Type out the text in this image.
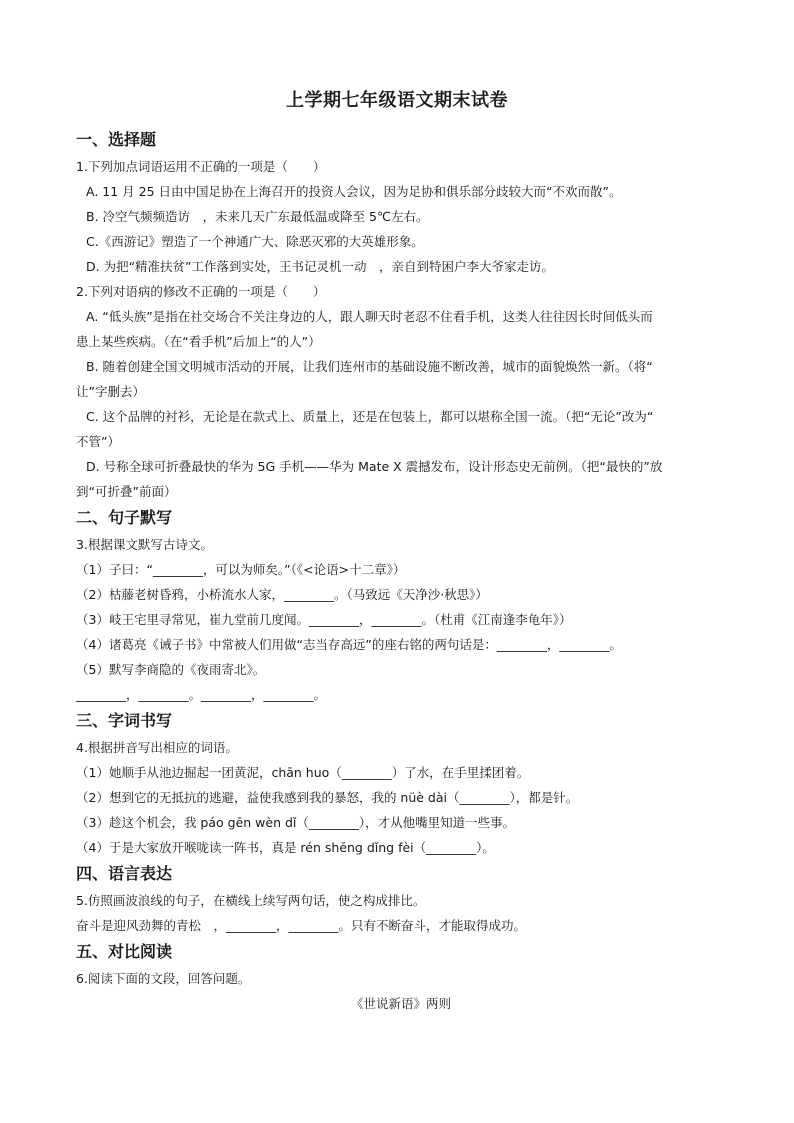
上学期七年级语文期末试卷

一、选择题

1.下列加点词语运用不正确的一项是（　　）

A. 11 月 25 日由中国足协在上海召开的投资人会议，因为足协和俱乐部分歧较大而“不欢而散”。

B. 冷空气频频造访　，未来几天广东最低温或降至 5℃左右。

C.《西游记》塑造了一个神通广大、除恶灭邪的大英雄形象。

D. 为把“精准扶贫”工作落到实处，王书记灵机一动　，亲自到特困户李大爷家走访。

2.下列对语病的修改不正确的一项是（　　）

A. “低头族”是指在社交场合不关注身边的人，跟人聊天时老忍不住看手机，这类人往往因长时间低头而

患上某些疾病。（在“看手机”后加上“的人”）

B. 随着创建全国文明城市活动的开展，让我们连州市的基础设施不断改善，城市的面貌焕然一新。（将“

让”字删去）

C. 这个品牌的衬衫，无论是在款式上、质量上，还是在包装上，都可以堪称全国一流。（把“无论”改为“

不管”）

D. 号称全球可折叠最快的华为 5G 手机——华为 Mate X 震撼发布，设计形态史无前例。（把“最快的”放

到“可折叠”前面）

二、句子默写

3.根据课文默写古诗文。

（1）子曰：“________，可以为师矣。”（《<论语>十二章》）

（2）枯藤老树昏鸦，小桥流水人家，________。（马致远《天净沙·秋思》）

（3）岐王宅里寻常见，崔九堂前几度闻。________，________。（杜甫《江南逢李龟年》）

（4）诸葛亮《诫子书》中常被人们用做“志当存高远”的座右铭的两句话是：________，________。

（5）默写李商隐的《夜雨寄北》。

________，________。________，________。

三、字词书写

4.根据拼音写出相应的词语。

（1）她顺手从池边掘起一团黄泥，chān huo（________）了水，在手里揉团着。

（2）想到它的无抵抗的逃避，益使我感到我的暴怒，我的 nüè dài（________），都是针。

（3）趁这个机会，我 páo gēn wèn dǐ（________），才从他嘴里知道一些事。

（4）于是大家放开喉咙读一阵书，真是 rén shēng dǐng fèi（________）。

四、语言表达

5.仿照画波浪线的句子，在横线上续写两句话，使之构成排比。

奋斗是迎风劲舞的青松　，________，________。只有不断奋斗，才能取得成功。

五、对比阅读

6.阅读下面的文段，回答问题。

《世说新语》两则
